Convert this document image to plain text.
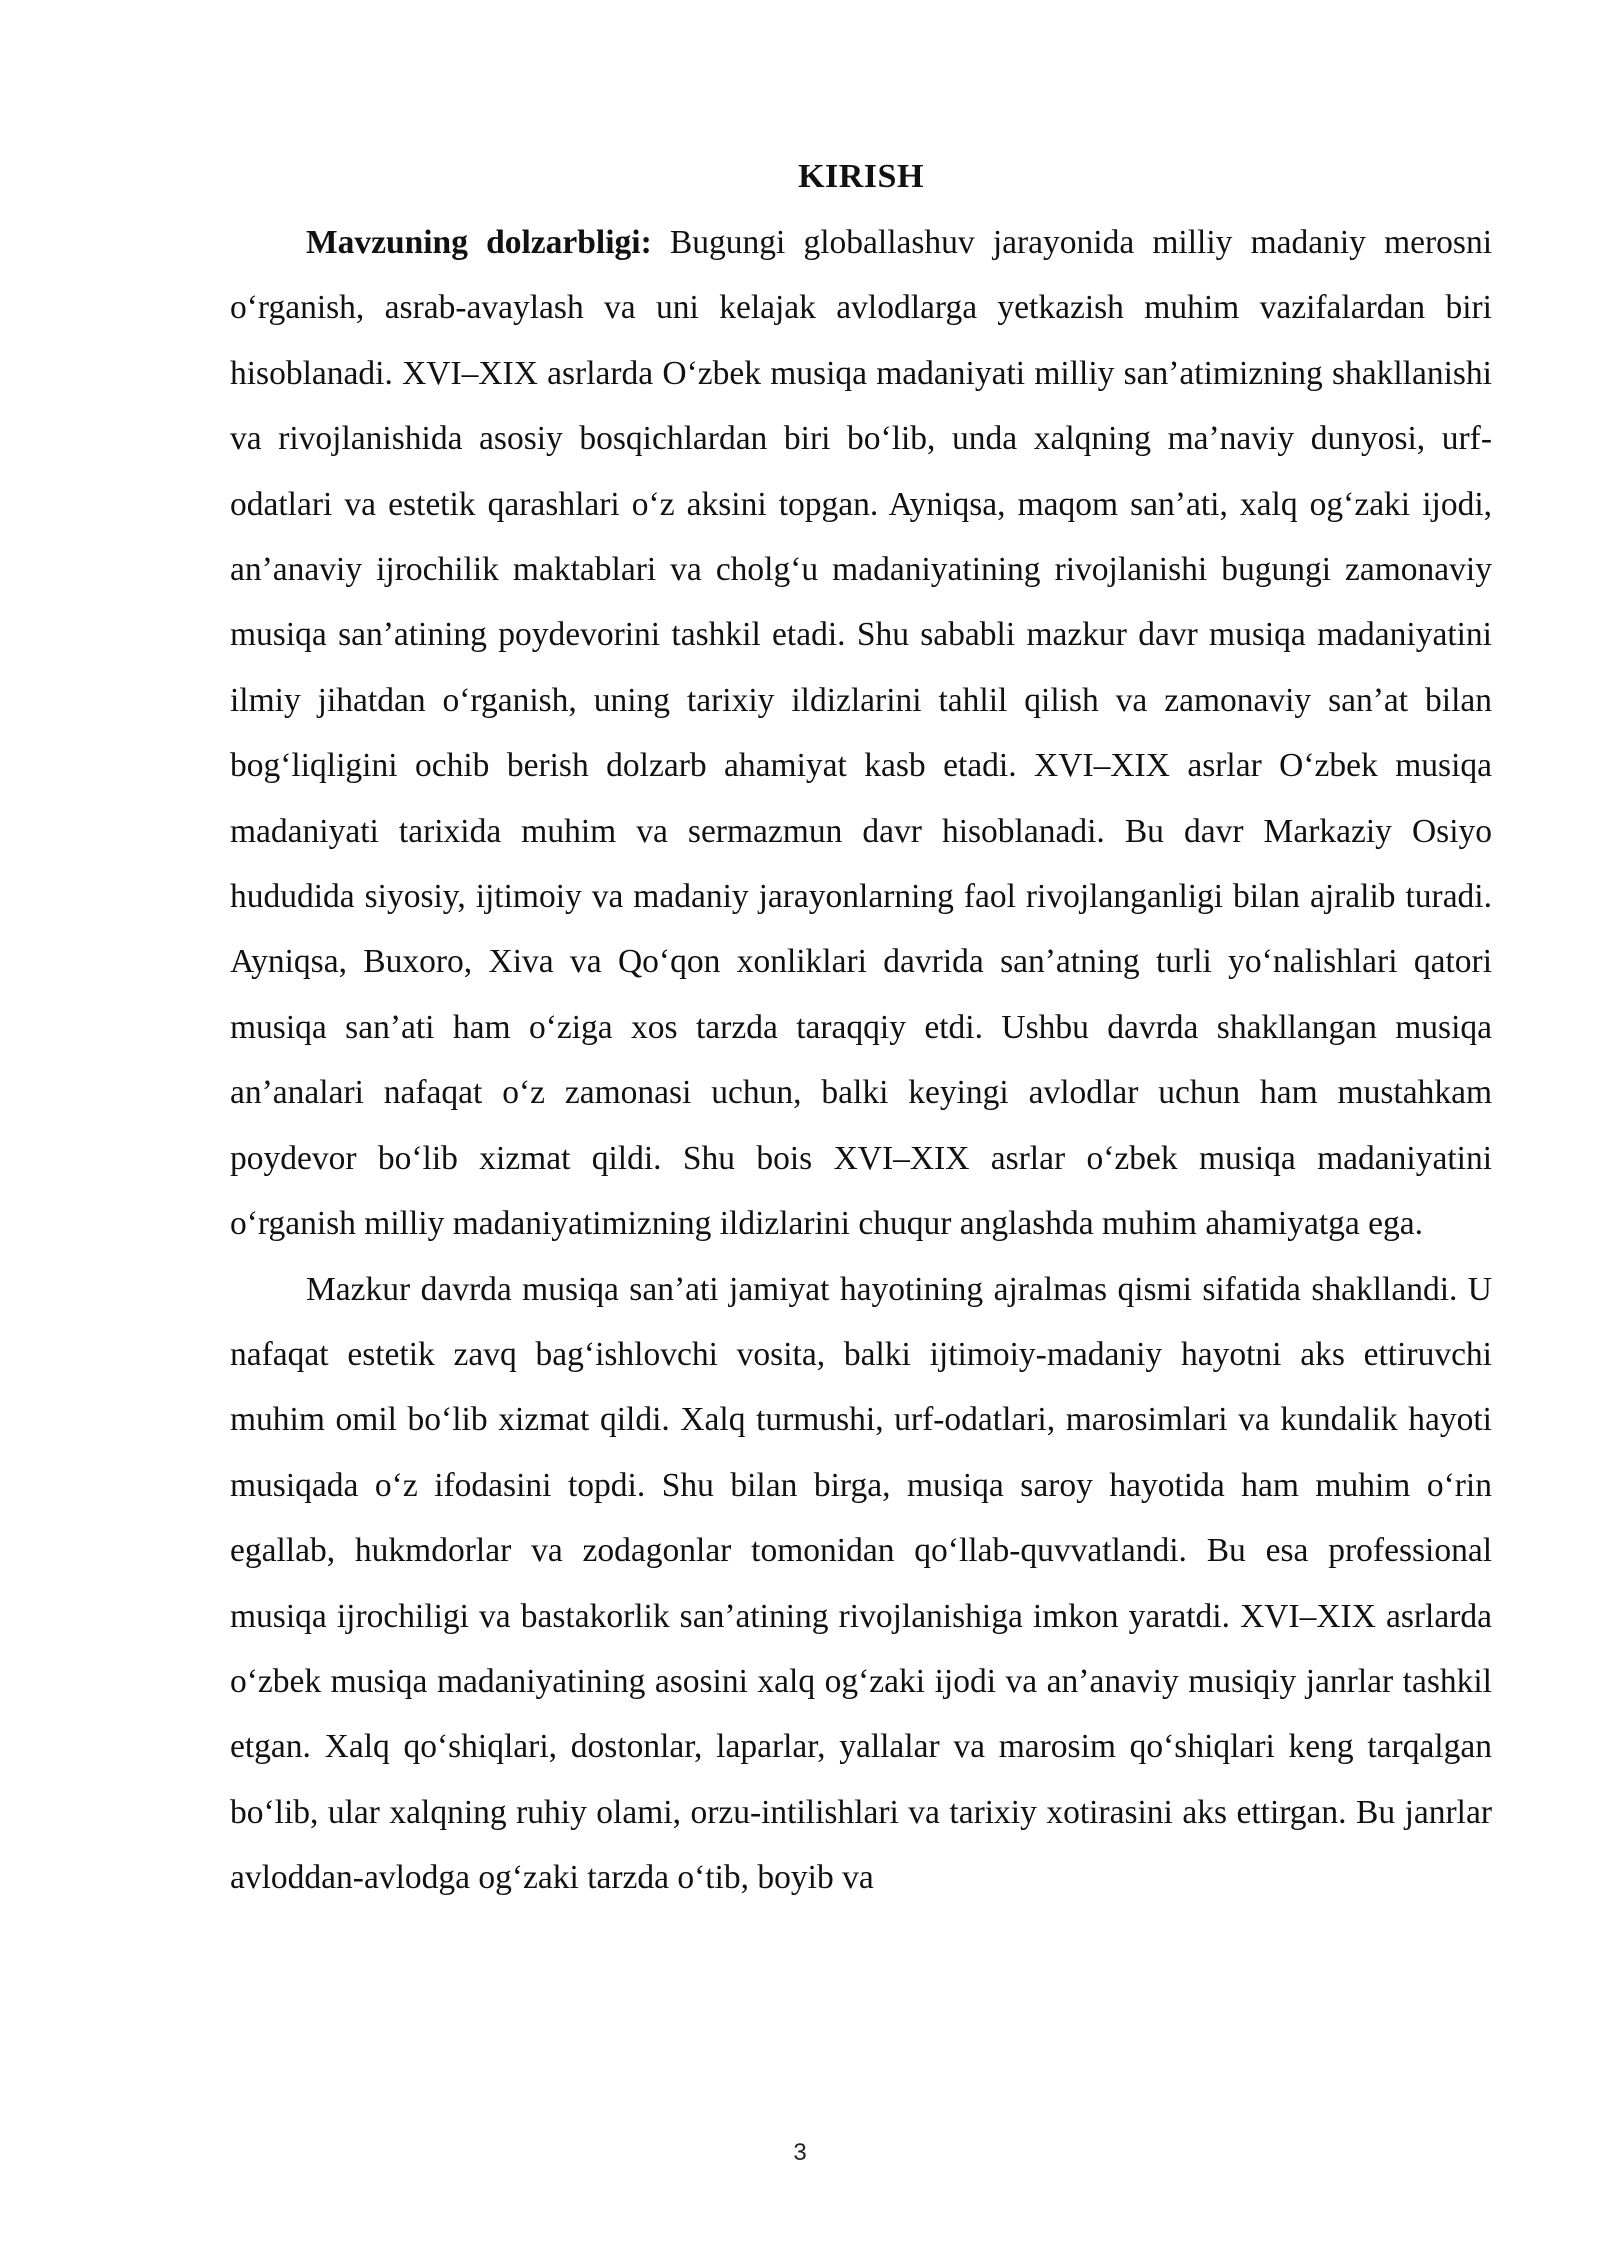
KIRISH

Mavzuning dolzarbligi: Bugungi globallashuv jarayonida milliy madaniy merosni oʻrganish, asrab-avaylash va uni kelajak avlodlarga yetkazish muhim vazifalardan biri hisoblanadi. XVI–XIX asrlarda Oʻzbek musiqa madaniyati milliy sanʼatimizning shakllanishi va rivojlanishida asosiy bosqichlardan biri boʻlib, unda xalqning maʼnaviy dunyosi, urf-odatlari va estetik qarashlari oʻz aksini topgan. Ayniqsa, maqom sanʼati, xalq ogʻzaki ijodi, anʼanaviy ijrochilik maktablari va cholgʻu madaniyatining rivojlanishi bugungi zamonaviy musiqa sanʼatining poydevorini tashkil etadi. Shu sababli mazkur davr musiqa madaniyatini ilmiy jihatdan oʻrganish, uning tarixiy ildizlarini tahlil qilish va zamonaviy sanʼat bilan bogʻliqligini ochib berish dolzarb ahamiyat kasb etadi. XVI–XIX asrlar Oʻzbek musiqa madaniyati tarixida muhim va sermazmun davr hisoblanadi. Bu davr Markaziy Osiyo hududida siyosiy, ijtimoiy va madaniy jarayonlarning faol rivojlanganligi bilan ajralib turadi. Ayniqsa, Buxoro, Xiva va Qoʻqon xonliklari davrida sanʼatning turli yoʻnalishlari qatori musiqa sanʼati ham oʻziga xos tarzda taraqqiy etdi. Ushbu davrda shakllangan musiqa anʼanalari nafaqat oʻz zamonasi uchun, balki keyingi avlodlar uchun ham mustahkam poydevor boʻlib xizmat qildi. Shu bois XVI–XIX asrlar oʻzbek musiqa madaniyatini oʻrganish milliy madaniyatimizning ildizlarini chuqur anglashda muhim ahamiyatga ega.

Mazkur davrda musiqa sanʼati jamiyat hayotining ajralmas qismi sifatida shakllandi. U nafaqat estetik zavq bagʻishlovchi vosita, balki ijtimoiy-madaniy hayotni aks ettiruvchi muhim omil boʻlib xizmat qildi. Xalq turmushi, urf-odatlari, marosimlari va kundalik hayoti musiqada oʻz ifodasini topdi. Shu bilan birga, musiqa saroy hayotida ham muhim oʻrin egallab, hukmdorlar va zodagonlar tomonidan qoʻllab-quvvatlandi. Bu esa professional musiqa ijrochiligi va bastakorlik sanʼatining rivojlanishiga imkon yaratdi. XVI–XIX asrlarda oʻzbek musiqa madaniyatining asosini xalq ogʻzaki ijodi va anʼanaviy musiqiy janrlar tashkil etgan. Xalq qoʻshiqlari, dostonlar, laparlar, yallalar va marosim qoʻshiqlari keng tarqalgan boʻlib, ular xalqning ruhiy olami, orzu-intilishlari va tarixiy xotirasini aks ettirgan. Bu janrlar avloddan-avlodga ogʻzaki tarzda oʻtib, boyib va

3
